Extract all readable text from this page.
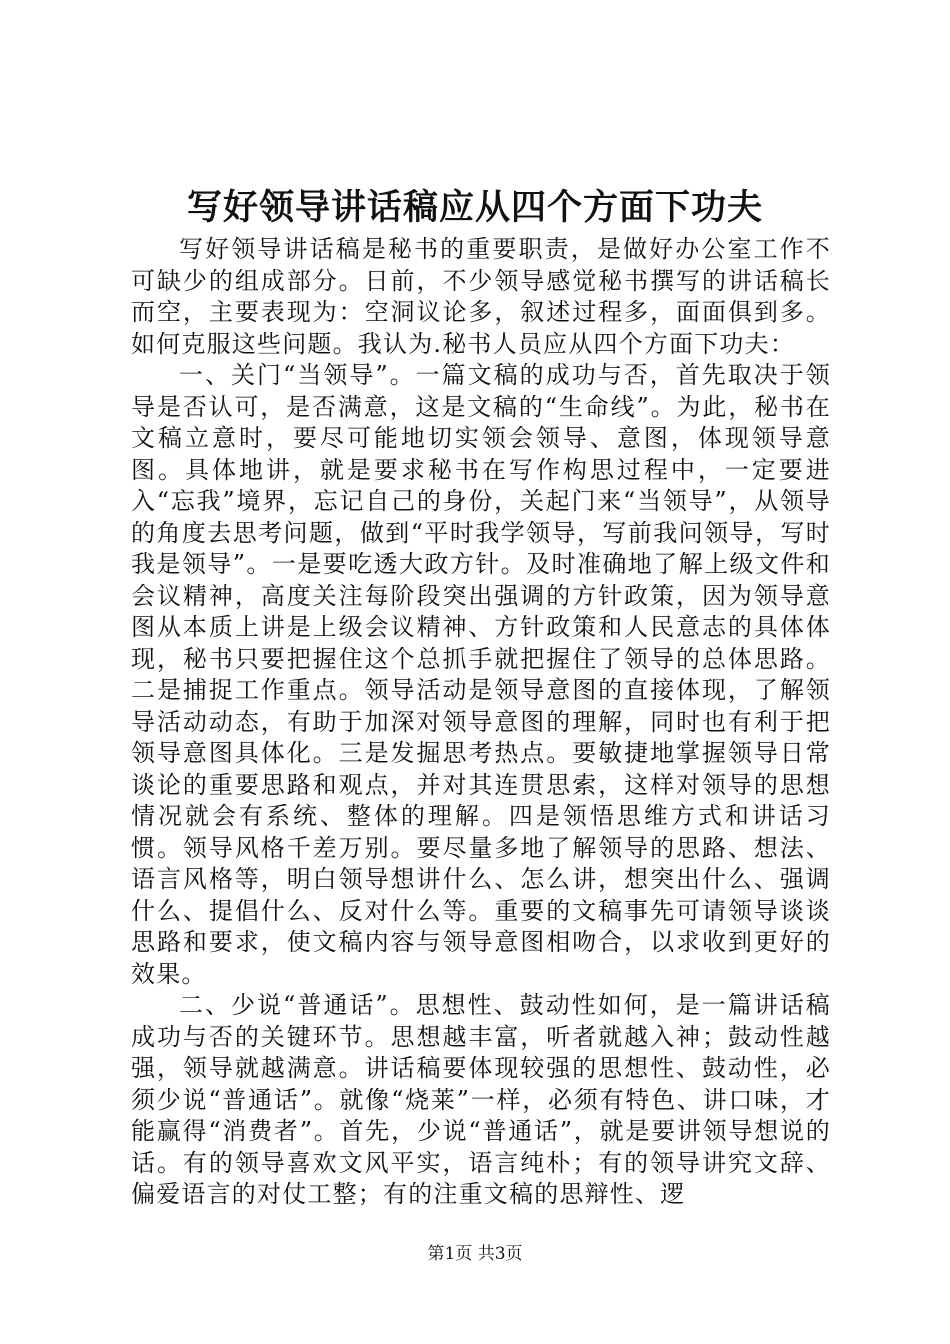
写好领导讲话稿应从四个方面下功夫

写好领导讲话稿是秘书的重要职责，是做好办公室工作不可缺少的组成部分。日前，不少领导感觉秘书撰写的讲话稿长而空，主要表现为：空洞议论多，叙述过程多，面面俱到多。如何克服这些问题。我认为.秘书人员应从四个方面下功夫：

一、关门“当领导”。一篇文稿的成功与否，首先取决于领导是否认可，是否满意，这是文稿的“生命线”。为此，秘书在文稿立意时，要尽可能地切实领会领导、意图，体现领导意图。具体地讲，就是要求秘书在写作构思过程中，一定要进入“忘我”境界，忘记自己的身份，关起门来“当领导”，从领导的角度去思考问题，做到“平时我学领导，写前我问领导，写时我是领导”。一是要吃透大政方针。及时准确地了解上级文件和会议精神，高度关注每阶段突出强调的方针政策，因为领导意图从本质上讲是上级会议精神、方针政策和人民意志的具体体现，秘书只要把握住这个总抓手就把握住了领导的总体思路。二是捕捉工作重点。领导活动是领导意图的直接体现，了解领导活动动态，有助于加深对领导意图的理解，同时也有利于把领导意图具体化。三是发掘思考热点。要敏捷地掌握领导日常谈论的重要思路和观点，并对其连贯思索，这样对领导的思想情况就会有系统、整体的理解。四是领悟思维方式和讲话习惯。领导风格千差万别。要尽量多地了解领导的思路、想法、语言风格等，明白领导想讲什么、怎么讲，想突出什么、强调什么、提倡什么、反对什么等。重要的文稿事先可请领导谈谈思路和要求，使文稿内容与领导意图相吻合，以求收到更好的效果。

二、少说“普通话”。思想性、鼓动性如何，是一篇讲话稿成功与否的关键环节。思想越丰富，听者就越入神；鼓动性越强，领导就越满意。讲话稿要体现较强的思想性、鼓动性，必须少说“普通话”。就像“烧莱”一样，必须有特色、讲口味，才能赢得“消费者”。首先，少说“普通话”，就是要讲领导想说的话。有的领导喜欢文风平实，语言纯朴；有的领导讲究文辞、偏爱语言的对仗工整；有的注重文稿的思辩性、逻

第1页 共3页
